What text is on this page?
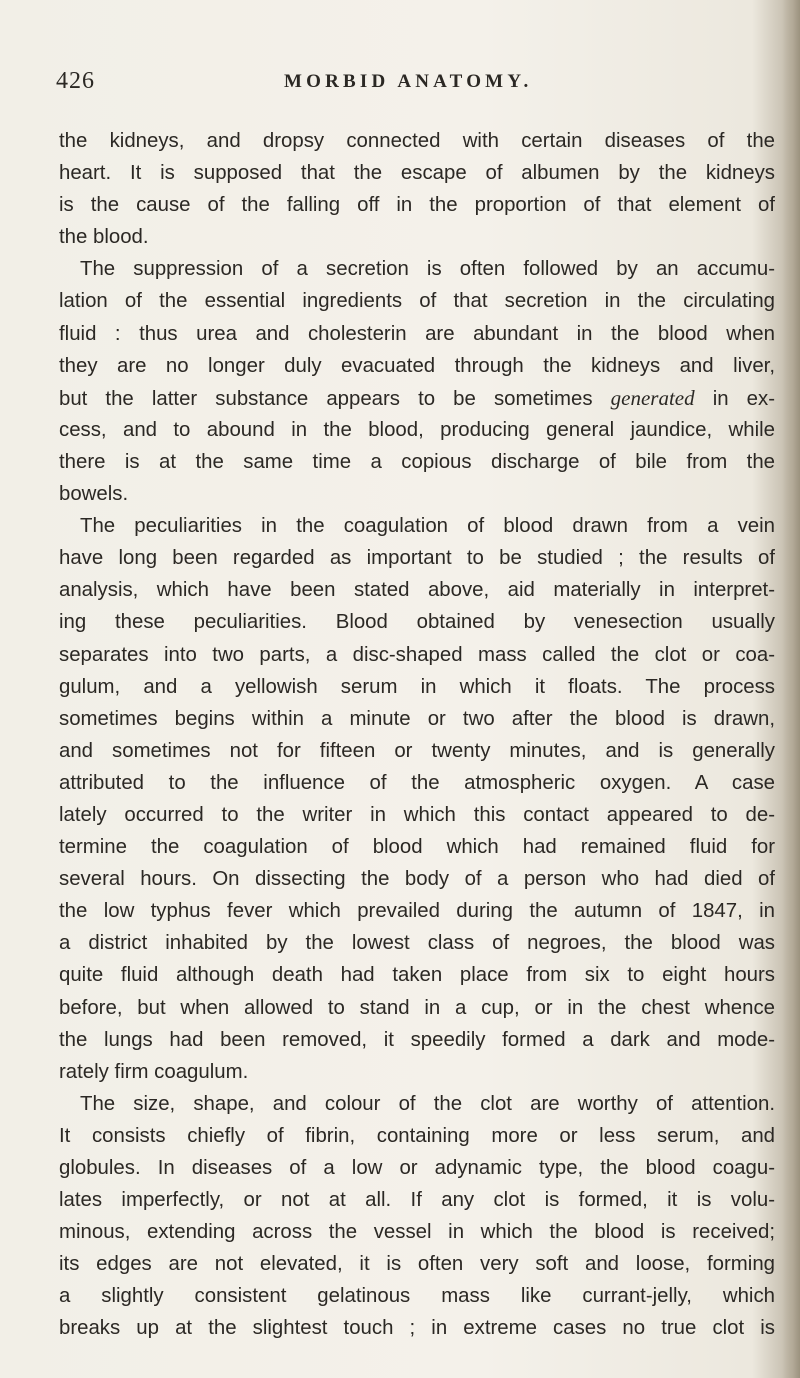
426	MORBID ANATOMY.
the kidneys, and dropsy connected with certain diseases of the
heart. It is supposed that the escape of albumen by the kidneys
is the cause of the falling off in the proportion of that element of
the blood.
The suppression of a secretion is often followed by an accumu-
lation of the essential ingredients of that secretion in the circulating
fluid : thus urea and cholesterin are abundant in the blood when
they are no longer duly evacuated through the kidneys and liver,
but the latter substance appears to be sometimes generated in ex-
cess, and to abound in the blood, producing general jaundice, while
there is at the same time a copious discharge of bile from the
bowels.
The peculiarities in the coagulation of blood drawn from a vein
have long been regarded as important to be studied ; the results of
analysis, which have been stated above, aid materially in interpret-
ing these peculiarities. Blood obtained by venesection usually
separates into two parts, a disc-shaped mass called the clot or coa-
gulum, and a yellowish serum in which it floats. The process
sometimes begins within a minute or two after the blood is drawn,
and sometimes not for fifteen or twenty minutes, and is generally
attributed to the influence of the atmospheric oxygen. A case
lately occurred to the writer in which this contact appeared to de-
termine the coagulation of blood which had remained fluid for
several hours. On dissecting the body of a person who had died of
the low typhus fever which prevailed during the autumn of 1847, in
a district inhabited by the lowest class of negroes, the blood was
quite fluid although death had taken place from six to eight hours
before, but when allowed to stand in a cup, or in the chest whence
the lungs had been removed, it speedily formed a dark and mode-
rately firm coagulum.
The size, shape, and colour of the clot are worthy of attention.
It consists chiefly of fibrin, containing more or less serum, and
globules. In diseases of a low or adynamic type, the blood coagu-
lates imperfectly, or not at all. If any clot is formed, it is volu-
minous, extending across the vessel in which the blood is received;
its edges are not elevated, it is often very soft and loose, forming
a slightly consistent gelatinous mass like currant-jelly, which
breaks up at the slightest touch ; in extreme cases no true clot is
